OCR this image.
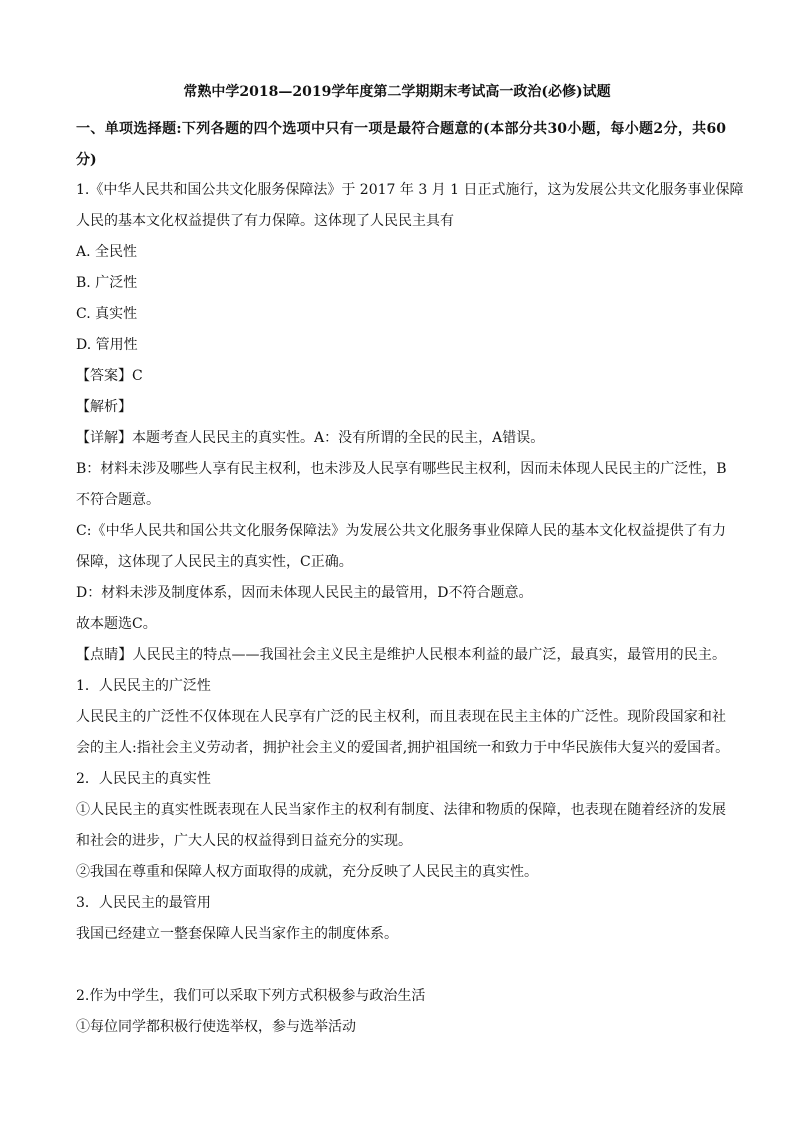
常熟中学2018—2019学年度第二学期期末考试高一政治(必修)试题
一、单项选择题:下列各题的四个选项中只有一项是最符合题意的(本部分共30小题，每小题2分，共60
分)
1.《中华人民共和国公共文化服务保障法》于 2017 年 3 月 1 日正式施行，这为发展公共文化服务事业保障
人民的基本文化权益提供了有力保障。这体现了人民民主具有
A. 全民性
B. 广泛性
C. 真实性
D. 管用性
【答案】C
【解析】
【详解】本题考查人民民主的真实性。A：没有所谓的全民的民主，A错误。
B：材料未涉及哪些人享有民主权利，也未涉及人民享有哪些民主权利，因而未体现人民民主的广泛性，B
不符合题意。
C:《中华人民共和国公共文化服务保障法》为发展公共文化服务事业保障人民的基本文化权益提供了有力
保障，这体现了人民民主的真实性，C正确。
D：材料未涉及制度体系，因而未体现人民民主的最管用，D不符合题意。
故本题选C。
【点睛】人民民主的特点——我国社会主义民主是维护人民根本利益的最广泛，最真实，最管用的民主。
1．人民民主的广泛性
人民民主的广泛性不仅体现在人民享有广泛的民主权利，而且表现在民主主体的广泛性。现阶段国家和社
会的主人:指社会主义劳动者，拥护社会主义的爱国者,拥护祖国统一和致力于中华民族伟大复兴的爱国者。
2．人民民主的真实性
①人民民主的真实性既表现在人民当家作主的权利有制度、法律和物质的保障，也表现在随着经济的发展
和社会的进步，广大人民的权益得到日益充分的实现。
②我国在尊重和保障人权方面取得的成就，充分反映了人民民主的真实性。
3．人民民主的最管用
我国已经建立一整套保障人民当家作主的制度体系。
2.作为中学生，我们可以采取下列方式积极参与政治生活
①每位同学都积极行使选举权，参与选举活动
